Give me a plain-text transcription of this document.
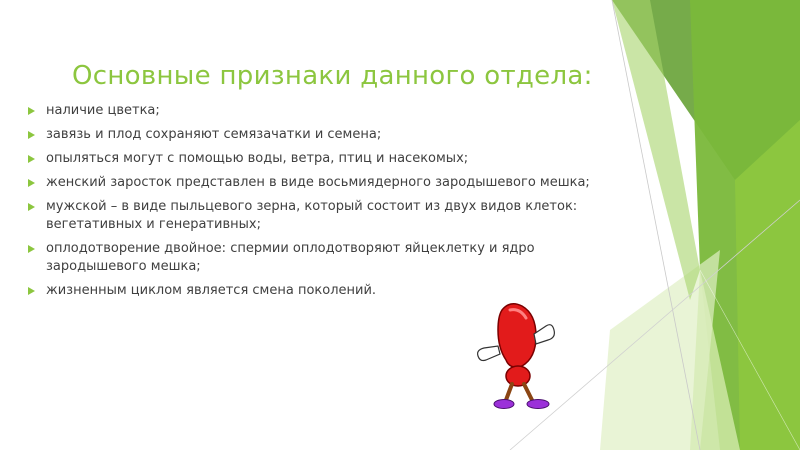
Основные признаки данного отдела:
наличие цветка;
завязь и плод сохраняют семязачатки и семена;
опыляться могут с помощью воды, ветра, птиц и насекомых;
женский заросток представлен в виде восьмиядерного зародышевого мешка;
мужской – в виде пыльцевого зерна, который состоит из двух видов клеток: вегетативных и генеративных;
оплодотворение двойное: спермии оплодотворяют яйцеклетку и ядро зародышевого мешка;
жизненным циклом является смена поколений.
